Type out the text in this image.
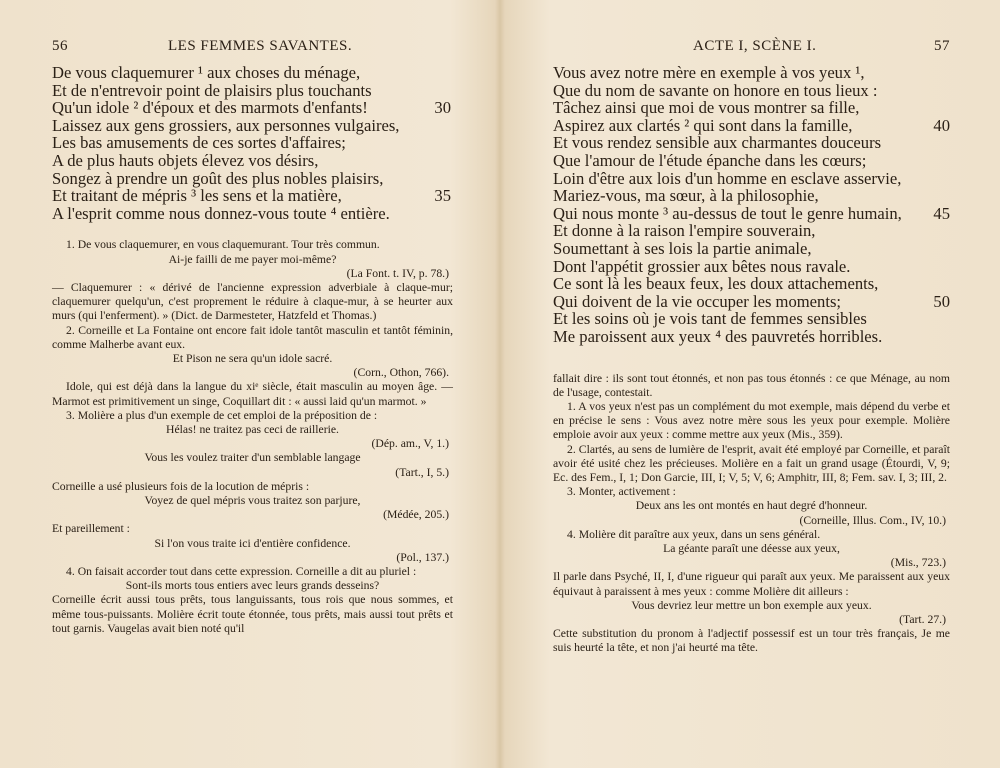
56	LES FEMMES SAVANTES.
De vous claquemurer ¹ aux choses du ménage,
Et de n'entrevoir point de plaisirs plus touchants
Qu'un idole ² d'époux et des marmots d'enfants!	30
Laissez aux gens grossiers, aux personnes vulgaires,
Les bas amusements de ces sortes d'affaires;
A de plus hauts objets élevez vos désirs,
Songez à prendre un goût des plus nobles plaisirs,
Et traitant de mépris ³ les sens et la matière,	35
A l'esprit comme nous donnez-vous toute ⁴ entière.

1. De vous claquemurer, en vous claquemurant. Tour très commun.

Ai-je failli de me payer moi-même?

(La Font. t. IV, p. 78.)

— Claquemurer : « dérivé de l'ancienne expression adverbiale à claque-mur; claquemurer quelqu'un, c'est proprement le réduire à claque-mur, à se heurter aux murs (qui l'enferment). » (Dict. de Darmesteter, Hatzfeld et Thomas.)

2. Corneille et La Fontaine ont encore fait idole tantôt masculin et tantôt féminin, comme Malherbe avant eux.

Et Pison ne sera qu'un idole sacré.

(Corn., Othon, 766).

Idole, qui est déjà dans la langue du xiᵉ siècle, était masculin au moyen âge. — Marmot est primitivement un singe, Coquillart dit : « aussi laid qu'un marmot. »

3. Molière a plus d'un exemple de cet emploi de la préposition de :

Hélas! ne traitez pas ceci de raillerie.

(Dép. am., V, 1.)

Vous les voulez traiter d'un semblable langage

(Tart., I, 5.)

Corneille a usé plusieurs fois de la locution de mépris :

Voyez de quel mépris vous traitez son parjure,

(Médée, 205.)

Et pareillement :

Si l'on vous traite ici d'entière confidence.

(Pol., 137.)

4. On faisait accorder tout dans cette expression. Corneille a dit au pluriel :

Sont-ils morts tous entiers avec leurs grands desseins?

Corneille écrit aussi tous prêts, tous languissants, tous rois que nous sommes, et même tous-puissants. Molière écrit toute étonnée, tous prêts, mais aussi tout prêts et tout garnis. Vaugelas avait bien noté qu'il

ACTE I, SCÈNE I.	57
Vous avez notre mère en exemple à vos yeux ¹,
Que du nom de savante on honore en tous lieux :
Tâchez ainsi que moi de vous montrer sa fille,
Aspirez aux clartés ² qui sont dans la famille,	40
Et vous rendez sensible aux charmantes douceurs
Que l'amour de l'étude épanche dans les cœurs;
Loin d'être aux lois d'un homme en esclave asservie,
Mariez-vous, ma sœur, à la philosophie,
Qui nous monte ³ au-dessus de tout le genre humain, 45
Et donne à la raison l'empire souverain,
Soumettant à ses lois la partie animale,
Dont l'appétit grossier aux bêtes nous ravale.
Ce sont là les beaux feux, les doux attachements,
Qui doivent de la vie occuper les moments;	50
Et les soins où je vois tant de femmes sensibles
Me paroissent aux yeux ⁴ des pauvretés horribles.

fallait dire : ils sont tout étonnés, et non pas tous étonnés : ce que Ménage, au nom de l'usage, contestait.

1. A vos yeux n'est pas un complément du mot exemple, mais dépend du verbe et en précise le sens : Vous avez notre mère sous les yeux pour exemple. Molière emploie avoir aux yeux : comme mettre aux yeux (Mis., 359).

2. Clartés, au sens de lumière de l'esprit, avait été employé par Corneille, et paraît avoir été usité chez les précieuses. Molière en a fait un grand usage (Étourdi, V, 9; Ec. des Fem., I, 1; Don Garcie, III, I; V, 5; V, 6; Amphitr, III, 8; Fem. sav. I, 3; III, 2.

3. Monter, activement :

Deux ans les ont montés en haut degré d'honneur.

(Corneille, Illus. Com., IV, 10.)

4. Molière dit paraître aux yeux, dans un sens général.

La géante paraît une déesse aux yeux,

(Mis., 723.)

Il parle dans Psyché, II, I, d'une rigueur qui paraît aux yeux. Me paraissent aux yeux équivaut à paraissent à mes yeux : comme Molière dit ailleurs :

Vous devriez leur mettre un bon exemple aux yeux.

(Tart. 27.)

Cette substitution du pronom à l'adjectif possessif est un tour très français, Je me suis heurté la tête, et non j'ai heurté ma tête.
